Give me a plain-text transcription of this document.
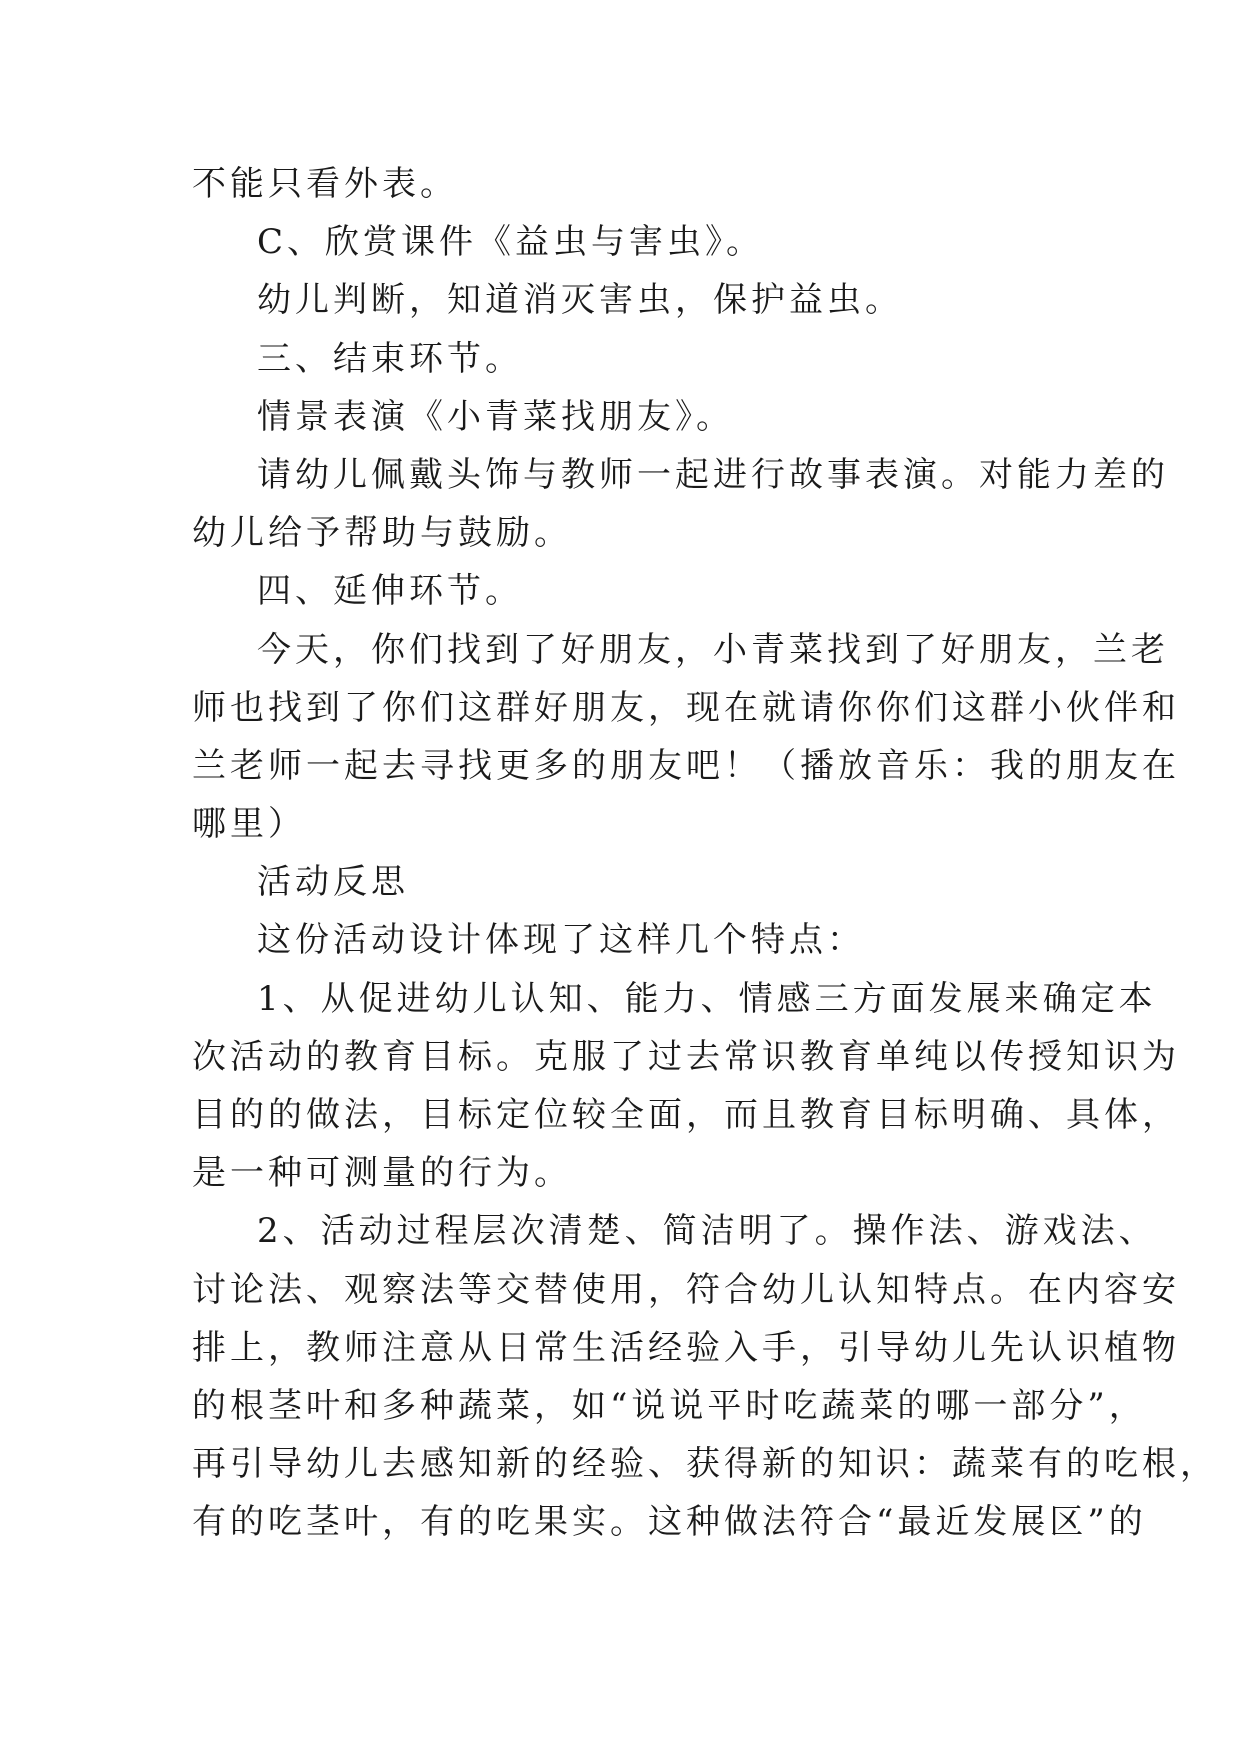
不能只看外表。
C、欣赏课件《益虫与害虫》。
幼儿判断，知道消灭害虫，保护益虫。
三、结束环节。
情景表演《小青菜找朋友》。
请幼儿佩戴头饰与教师一起进行故事表演。对能力差的
幼儿给予帮助与鼓励。
四、延伸环节。
今天，你们找到了好朋友，小青菜找到了好朋友，兰老
师也找到了你们这群好朋友，现在就请你你们这群小伙伴和
兰老师一起去寻找更多的朋友吧！（播放音乐：我的朋友在
哪里）
活动反思
这份活动设计体现了这样几个特点：
1、从促进幼儿认知、能力、情感三方面发展来确定本
次活动的教育目标。克服了过去常识教育单纯以传授知识为
目的的做法，目标定位较全面，而且教育目标明确、具体，
是一种可测量的行为。
2、活动过程层次清楚、简洁明了。操作法、游戏法、
讨论法、观察法等交替使用，符合幼儿认知特点。在内容安
排上，教师注意从日常生活经验入手，引导幼儿先认识植物
的根茎叶和多种蔬菜，如“说说平时吃蔬菜的哪一部分”，
再引导幼儿去感知新的经验、获得新的知识：蔬菜有的吃根，
有的吃茎叶，有的吃果实。这种做法符合“最近发展区”的
